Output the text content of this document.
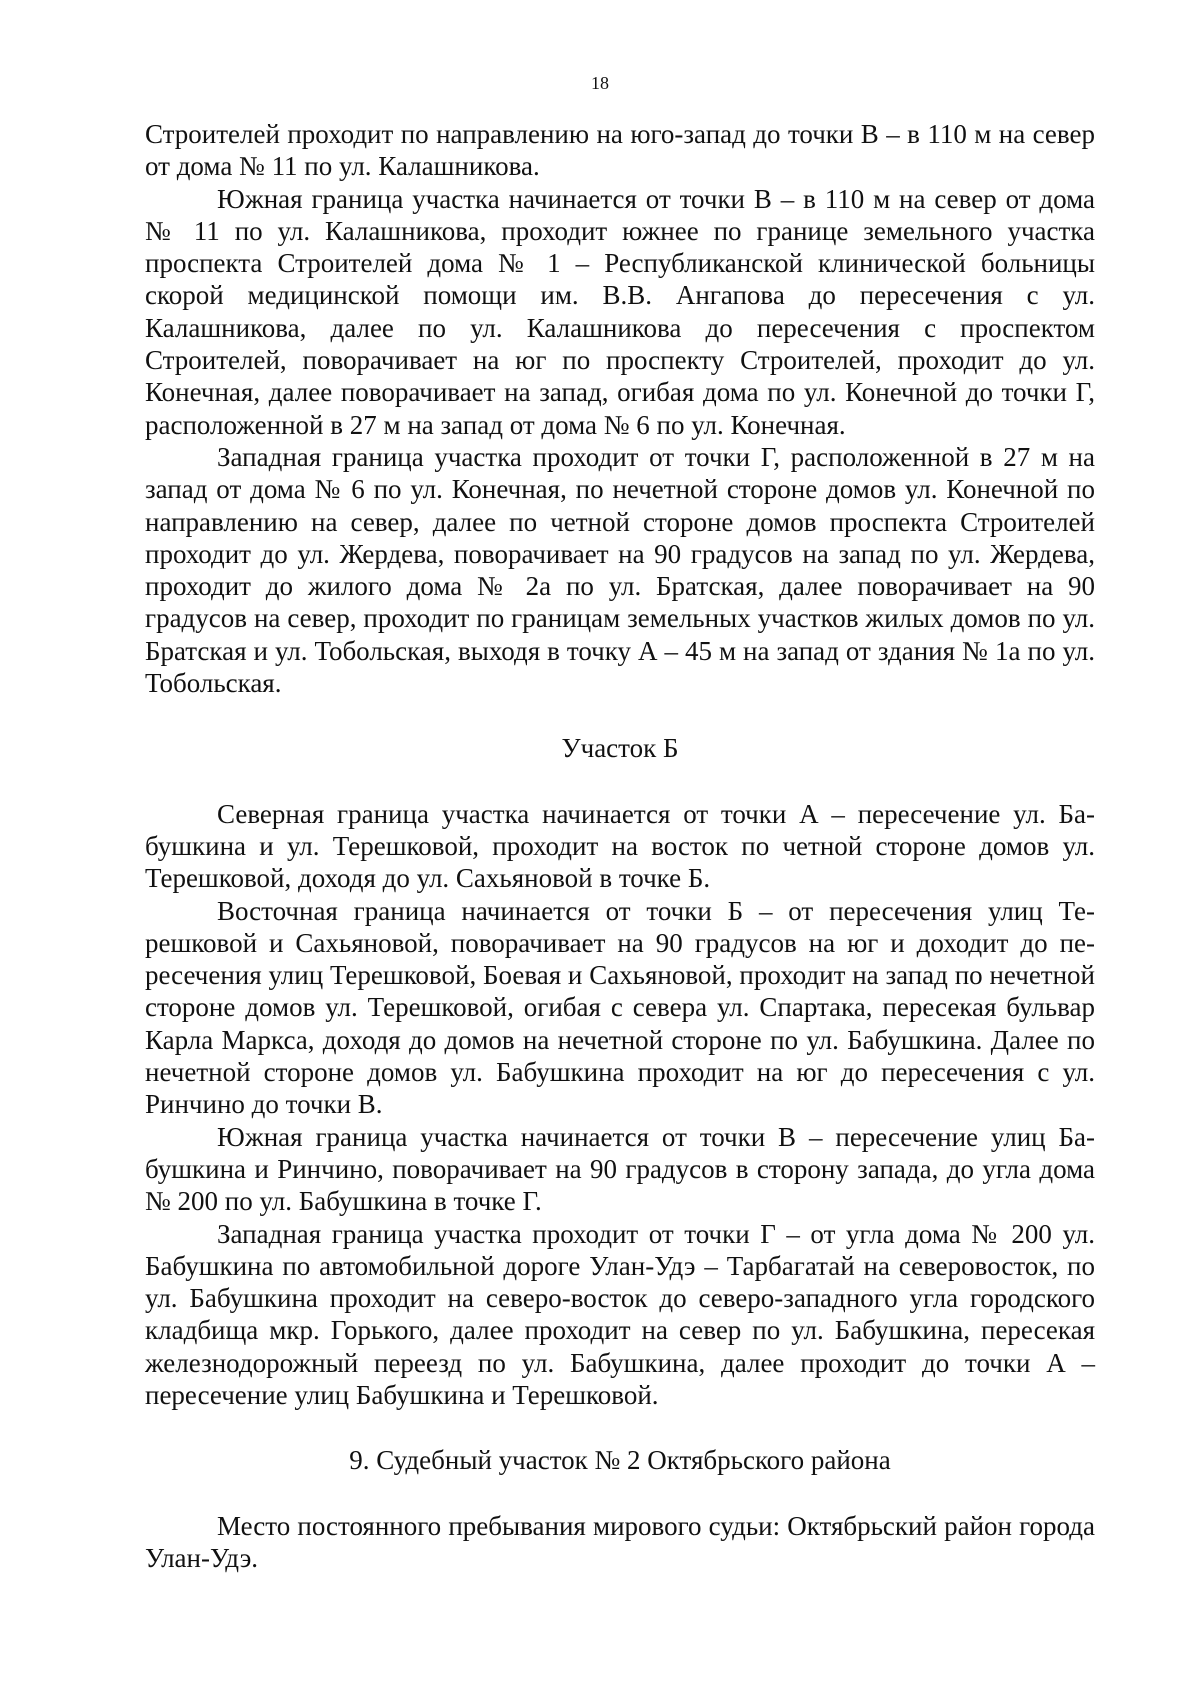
18

Строителей проходит по направлению на юго-запад до точки В – в 110 м на север от дома № 11 по ул. Калашникова.

Южная граница участка начинается от точки В – в 110 м на север от дома № 11 по ул. Калашникова, проходит южнее по границе земельного участка проспекта Строителей дома № 1 – Республиканской клинической больницы скорой медицинской помощи им. В.В. Ангапова до пересечения с ул. Калашникова, далее по ул. Калашникова до пересечения с проспектом Строителей, поворачивает на юг по проспекту Строителей, проходит до ул. Конечная, далее поворачивает на запад, огибая дома по ул. Конечной до точки Г, расположенной в 27 м на запад от дома № 6 по ул. Конечная.

Западная граница участка проходит от точки Г, расположенной в 27 м на запад от дома № 6 по ул. Конечная, по нечетной стороне домов ул. Конечной по направлению на север, далее по четной стороне домов проспекта Строителей проходит до ул. Жердева, поворачивает на 90 градусов на запад по ул. Жердева, проходит до жилого дома № 2а по ул. Братская, далее поворачивает на 90 градусов на север, проходит по границам земельных участков жилых домов по ул. Братская и ул. Тобольская, выходя в точку А – 45 м на запад от здания № 1а по ул. Тобольская.

Участок Б

Северная граница участка начинается от точки А – пересечение ул. Бабушкина и ул. Терешковой, проходит на восток по четной стороне домов ул. Терешковой, доходя до ул. Сахьяновой в точке Б.

Восточная граница начинается от точки Б – от пересечения улиц Терешковой и Сахьяновой, поворачивает на 90 градусов на юг и доходит до пересечения улиц Терешковой, Боевая и Сахьяновой, проходит на запад по нечетной стороне домов ул. Терешковой, огибая с севера ул. Спартака, пересекая бульвар Карла Маркса, доходя до домов на нечетной стороне по ул. Бабушкина. Далее по нечетной стороне домов ул. Бабушкина проходит на юг до пересечения с ул. Ринчино до точки В.

Южная граница участка начинается от точки В – пересечение улиц Бабушкина и Ринчино, поворачивает на 90 градусов в сторону запада, до угла дома № 200 по ул. Бабушкина в точке Г.

Западная граница участка проходит от точки Г – от угла дома № 200 ул. Бабушкина по автомобильной дороге Улан-Удэ – Тарбагатай на северовосток, по ул. Бабушкина проходит на северо-восток до северо-западного угла городского кладбища мкр. Горького, далее проходит на север по ул. Бабушкина, пересекая железнодорожный переезд по ул. Бабушкина, далее проходит до точки А – пересечение улиц Бабушкина и Терешковой.

9. Судебный участок № 2 Октябрьского района

Место постоянного пребывания мирового судьи: Октябрьский район города Улан-Удэ.
